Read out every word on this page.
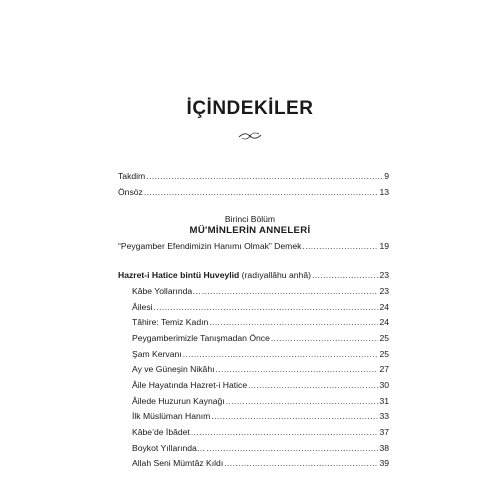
İÇİNDEKİLER
Takdim .....	9
Önsöz .....	13
Birinci Bölüm
MÜ'MİNLERİN ANNELERİ
“Peygamber Efendimizin Hanımı Olmak” Demek .....	19
Hazret-i Hatice bintü Huveylid (radıyallâhu anhâ) .....	23
Kâbe Yollarında… .....	23
Âilesi .....	24
Tâhire: Temiz Kadın .....	24
Peygamberimizle Tanışmadan Önce .....	25
Şam Kervanı .....	25
Ay ve Güneşin Nikâhı .....	27
Âile Hayatında Hazret-i Hatice .....	30
Âilede Huzurun Kaynağı .....	31
İlk Müslüman Hanım .....	33
Kâbe’de İbâdet .....	37
Boykot Yıllarında… .....	38
Allah Seni Mümtâz Kıldı .....	39
